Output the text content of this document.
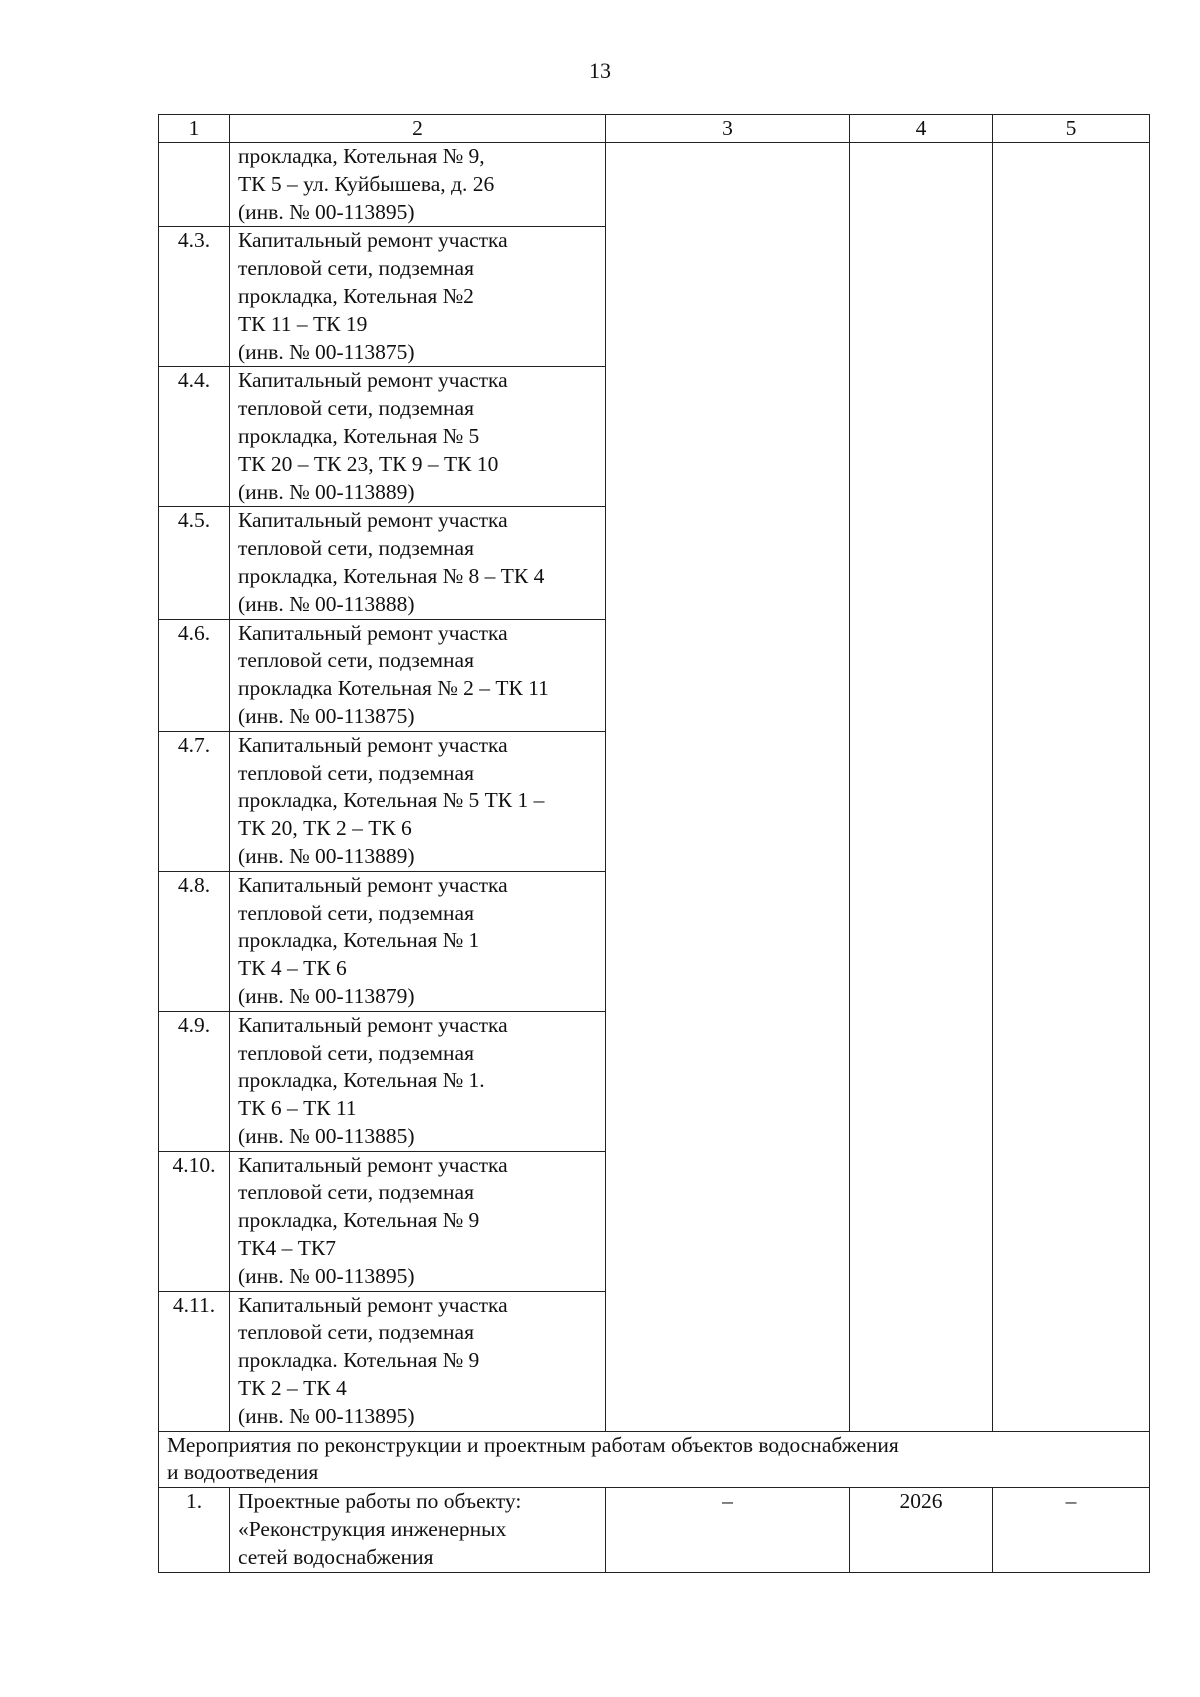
13
1	2	3	4	5

	прокладка, Котельная № 9,
ТК 5 – ул. Куйбышева, д. 26
(инв. № 00-113895)			

4.3.	Капитальный ремонт участка
тепловой сети, подземная
прокладка, Котельная №2
ТК 11 – ТК 19
(инв. № 00-113875)			

4.4.	Капитальный ремонт участка
тепловой сети, подземная
прокладка, Котельная № 5
ТК 20 – ТК 23, ТК 9 – ТК 10
(инв. № 00-113889)			

4.5.	Капитальный ремонт участка
тепловой сети, подземная
прокладка, Котельная № 8 – ТК 4
(инв. № 00-113888)			

4.6.	Капитальный ремонт участка
тепловой сети, подземная
прокладка Котельная № 2 – ТК 11
(инв. № 00-113875)			

4.7.	Капитальный ремонт участка
тепловой сети, подземная
прокладка, Котельная № 5 ТК 1 –
ТК 20, ТК 2 – ТК 6
(инв. № 00-113889)			

4.8.	Капитальный ремонт участка
тепловой сети, подземная
прокладка, Котельная № 1
ТК 4 – ТК 6
(инв. № 00-113879)			

4.9.	Капитальный ремонт участка
тепловой сети, подземная
прокладка, Котельная № 1.
ТК 6 – ТК 11
(инв. № 00-113885)			

4.10.	Капитальный ремонт участка
тепловой сети, подземная
прокладка, Котельная № 9
ТК4 – ТК7
(инв. № 00-113895)			

4.11.	Капитальный ремонт участка
тепловой сети, подземная
прокладка. Котельная № 9
ТК 2 – ТК 4
(инв. № 00-113895)			

Мероприятия по реконструкции и проектным работам объектов водоснабжения
и водоотведения				

1.	Проектные работы по объекту:
«Реконструкция инженерных
сетей водоснабжения	–	2026	–
